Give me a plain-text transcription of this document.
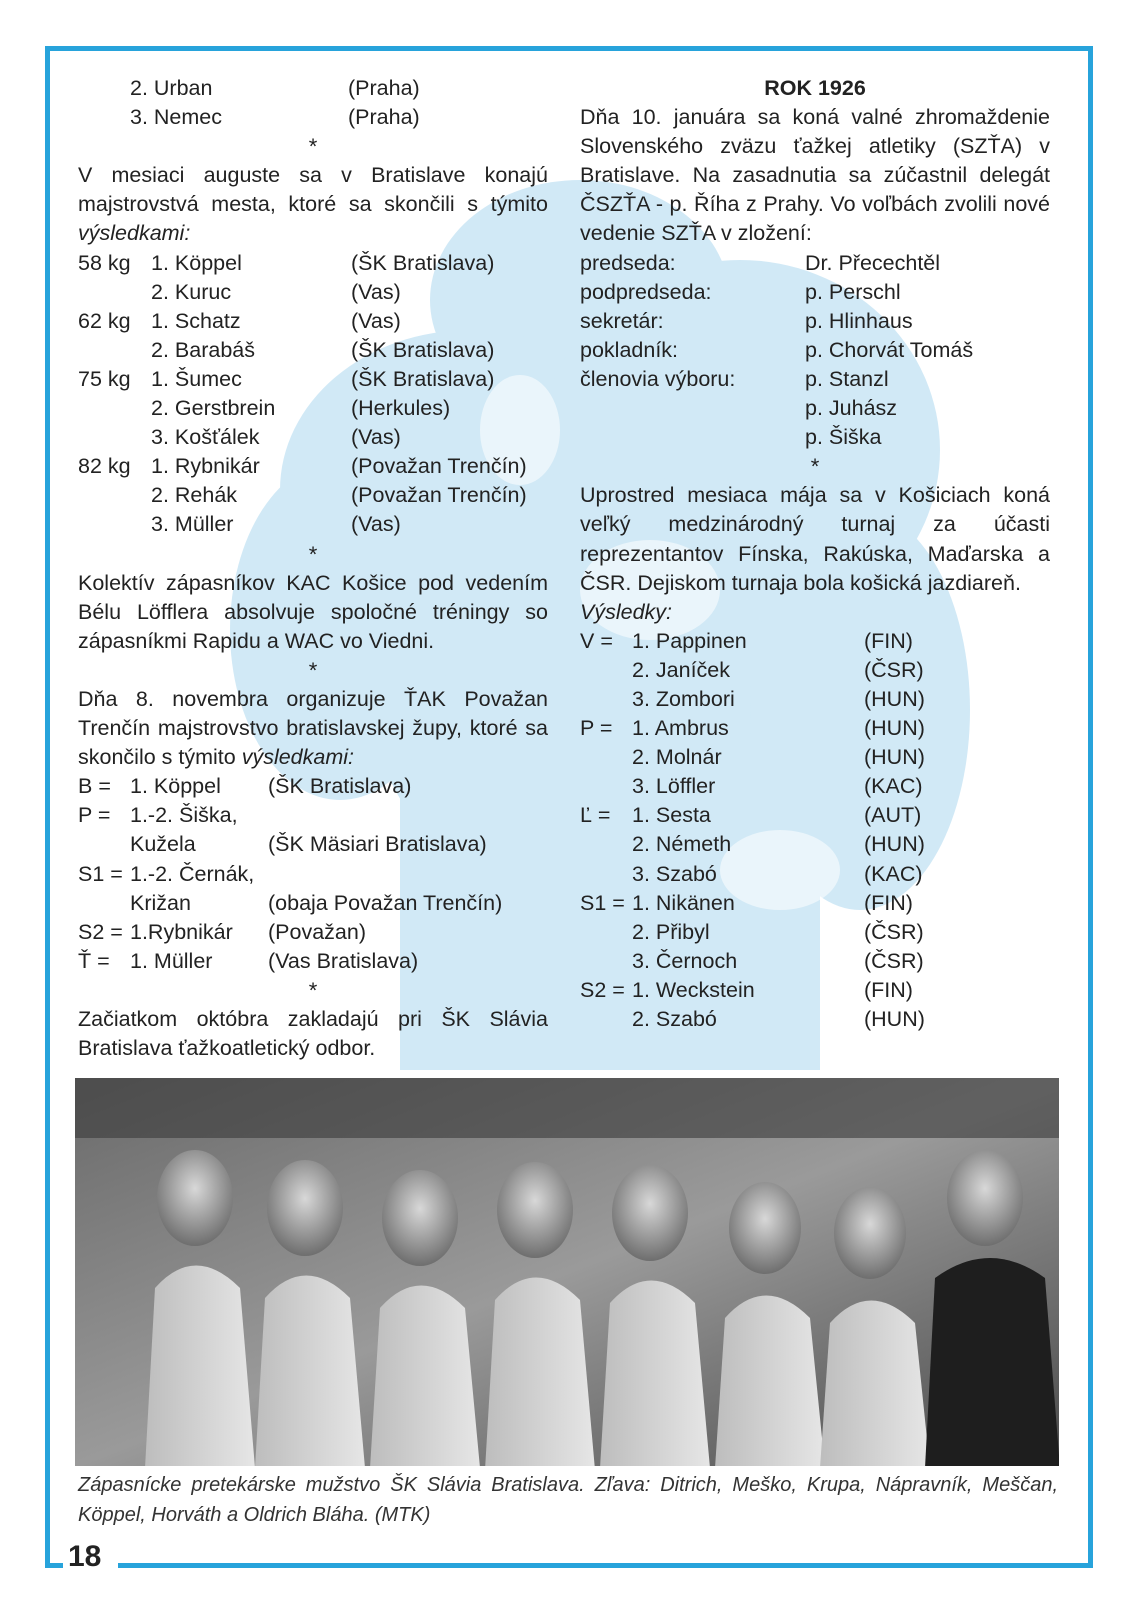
18
2. Urban	(Praha)
3. Nemec	(Praha)
*
V mesiaci auguste sa v Bratislave konajú majstrovstvá mesta, ktoré sa skončili s týmito výsledkami:
58 kg 1. Köppel	(ŠK Bratislava)
2. Kuruc	(Vas)
62 kg 1. Schatz	(Vas)
2. Barabáš	(ŠK Bratislava)
75 kg 1. Šumec	(ŠK Bratislava)
2. Gerstbrein	(Herkules)
3. Košťálek	(Vas)
82 kg 1. Rybnikár	(Považan Trenčín)
2. Rehák	(Považan Trenčín)
3. Müller	(Vas)
*
Kolektív zápasníkov KAC Košice pod vedením Bélu Löfflera absolvuje spoločné tréningy so zápasníkmi Rapidu a WAC vo Viedni.
*
Dňa 8. novembra organizuje ŤAK Považan Trenčín majstrovstvo bratislavskej župy, ktoré sa skončilo s týmito výsledkami:
B = 1. Köppel	(ŠK Bratislava)
P = 1.-2. Šiška,
Kužela	(ŠK Mäsiari Bratislava)
S1 = 1.-2. Černák,
Križan	(obaja Považan Trenčín)
S2 = 1.Rybnikár	(Považan)
Ť = 1. Müller	(Vas Bratislava)
*
Začiatkom októbra zakladajú pri ŠK Slávia Bratislava ťažkoatletický odbor.
ROK 1926
Dňa 10. januára sa koná valné zhromaždenie Slovenského zväzu ťažkej atletiky (SZŤA) v Bratislave. Na zasadnutia sa zúčastnil delegát ČSZŤA - p. Říha z Prahy. Vo voľbách zvolili nové vedenie SZŤA v zložení:
predseda:	Dr. Přecechtěl
podpredseda:	p. Perschl
sekretár:	p. Hlinhaus
pokladník:	p. Chorvát Tomáš
členovia výboru:	p. Stanzl
p. Juhász
p. Šiška
*
Uprostred mesiaca mája sa v Košiciach koná veľký medzinárodný turnaj za účasti reprezentantov Fínska, Rakúska, Maďarska a ČSR. Dejiskom turnaja bola košická jazdiareň.
Výsledky:
V = 1. Pappinen	(FIN)
2. Janíček	(ČSR)
3. Zombori	(HUN)
P = 1. Ambrus	(HUN)
2. Molnár	(HUN)
3. Löffler	(KAC)
Ľ =	1. Sesta	(AUT)
2. Németh	(HUN)
3. Szabó	(KAC)
S1 = 1. Nikänen	(FIN)
2. Přibyl	(ČSR)
3. Černoch	(ČSR)
S2 = 1. Weckstein	(FIN)
2. Szabó	(HUN)
Zápasnícke pretekárske mužstvo ŠK Slávia Bratislava. Zľava: Ditrich, Meško, Krupa, Nápravník, Meščan, Köppel, Horváth a Oldrich Bláha. (MTK)
